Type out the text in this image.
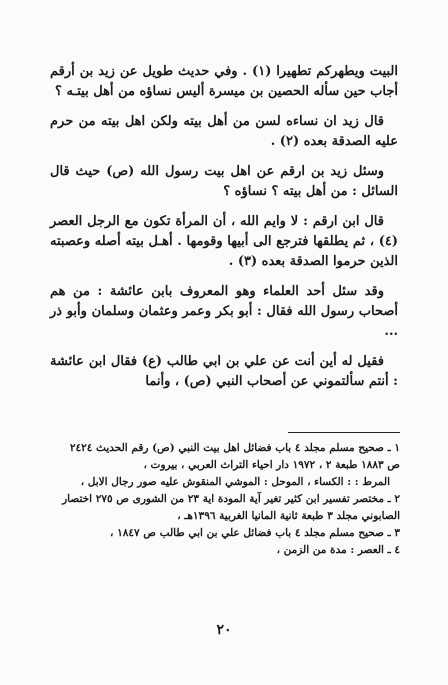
البيت ويطهركم تطهيرا (١) . وفي حديث طويل عن زيد بن أرقم أجاب حين سأله الحصين بن ميسرة أليس نساؤه من أهل بيتـه ؟

قال زيد ان نساءه لسن من أهل بيته ولكن اهل بيته من حرم عليه الصدقة بعده (٢) .

وسئل زيد بن ارقم عن اهل بيت رسول الله (ص) حيث قال السائل : من أهل بيته ؟ نساؤه ؟

قال ابن ارقم : لا وايم الله ، أن المرأة تكون مع الرجل العصر (٤) ، ثم يطلقها فترجع الى أبيها وقومها . أهـل بيته أصله وعصبته الذين حرموا الصدقة بعده (٣) .

وقد سئل أحد العلماء وهو المعروف بابن عائشة : من هم أصحاب رسول الله فقال : أبو بكر وعمر وعثمان وسلمان وأبو ذر ...

فقيل له أين أنت عن علي بن ابي طالب (ع) فقال ابن عائشة : أنتم سألتموني عن أصحاب النبي (ص) ، وأنما

١ ـ صحيح مسلم مجلد ٤ باب فضائل اهل بيت النبي (ص) رقم الحديث ٢٤٢٤ ص ١٨٨٣ طبعة ٢ ، ١٩٧٢ دار احياء التراث العربي ، بيروت ،

المرط : : الكساء ، الموحل : الموشي المنقوش عليه صور رجال الابل ،

٢ ـ مختصر تفسير ابن كثير تغير آية المودة اية ٢٣ من الشورى ص ٢٧٥ اختصار الصابوني مجلد ٣ طبعة ثانية المانيا الغربية ١٣٩٦هـ ،

٣ ـ صحيح مسلم مجلد ٤ باب فضائل علي بن ابي طالب ص ١٨٤٧ ،

٤ ـ العصر : مدة من الزمن ،

٢٠
